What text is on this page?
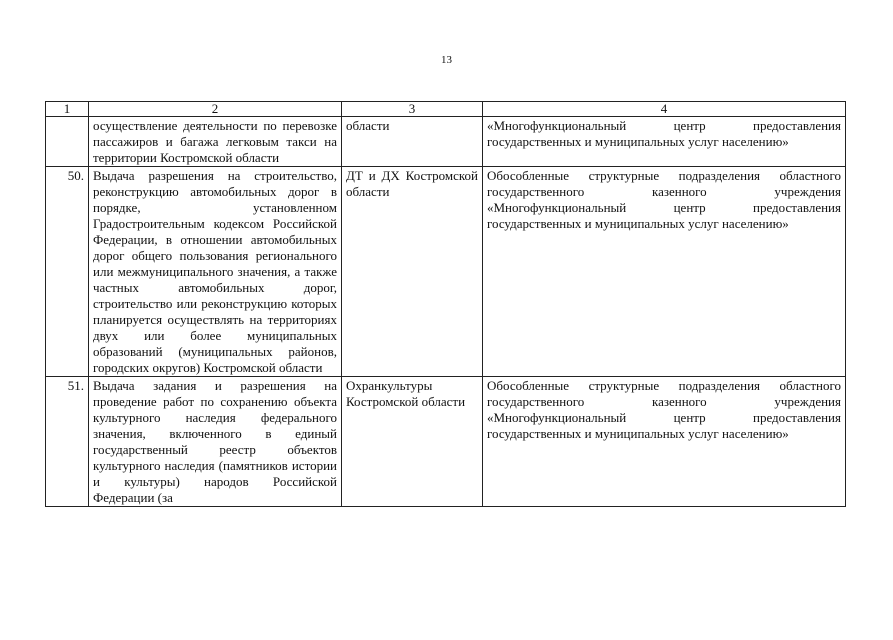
13
1	2	3	4
	осуществление деятельности по перевозке пассажиров и багажа легковым такси на территории Костромской области	области	«Многофункциональный центр предоставления государственных и муниципальных услуг населению»
50.	Выдача разрешения на строительство, реконструкцию автомобильных дорог в порядке, установленном Градостроительным кодексом Российской Федерации, в отношении автомобильных дорог общего пользования регионального или межмуниципального значения, а также частных автомобильных дорог, строительство или реконструкцию которых планируется осуществлять на территориях двух или более муниципальных образований (муниципальных районов, городских округов) Костромской области	ДТ и ДХ Костромской области	Обособленные структурные подразделения областного государственного казенного учреждения «Многофункциональный центр предоставления государственных и муниципальных услуг населению»
51.	Выдача задания и разрешения на проведение работ по сохранению объекта культурного наследия федерального значения, включенного в единый государственный реестр объектов культурного наследия (памятников истории и культуры) народов Российской Федерации (за	Охранкультуры Костромской области	Обособленные структурные подразделения областного государственного казенного учреждения «Многофункциональный центр предоставления государственных и муниципальных услуг населению»
